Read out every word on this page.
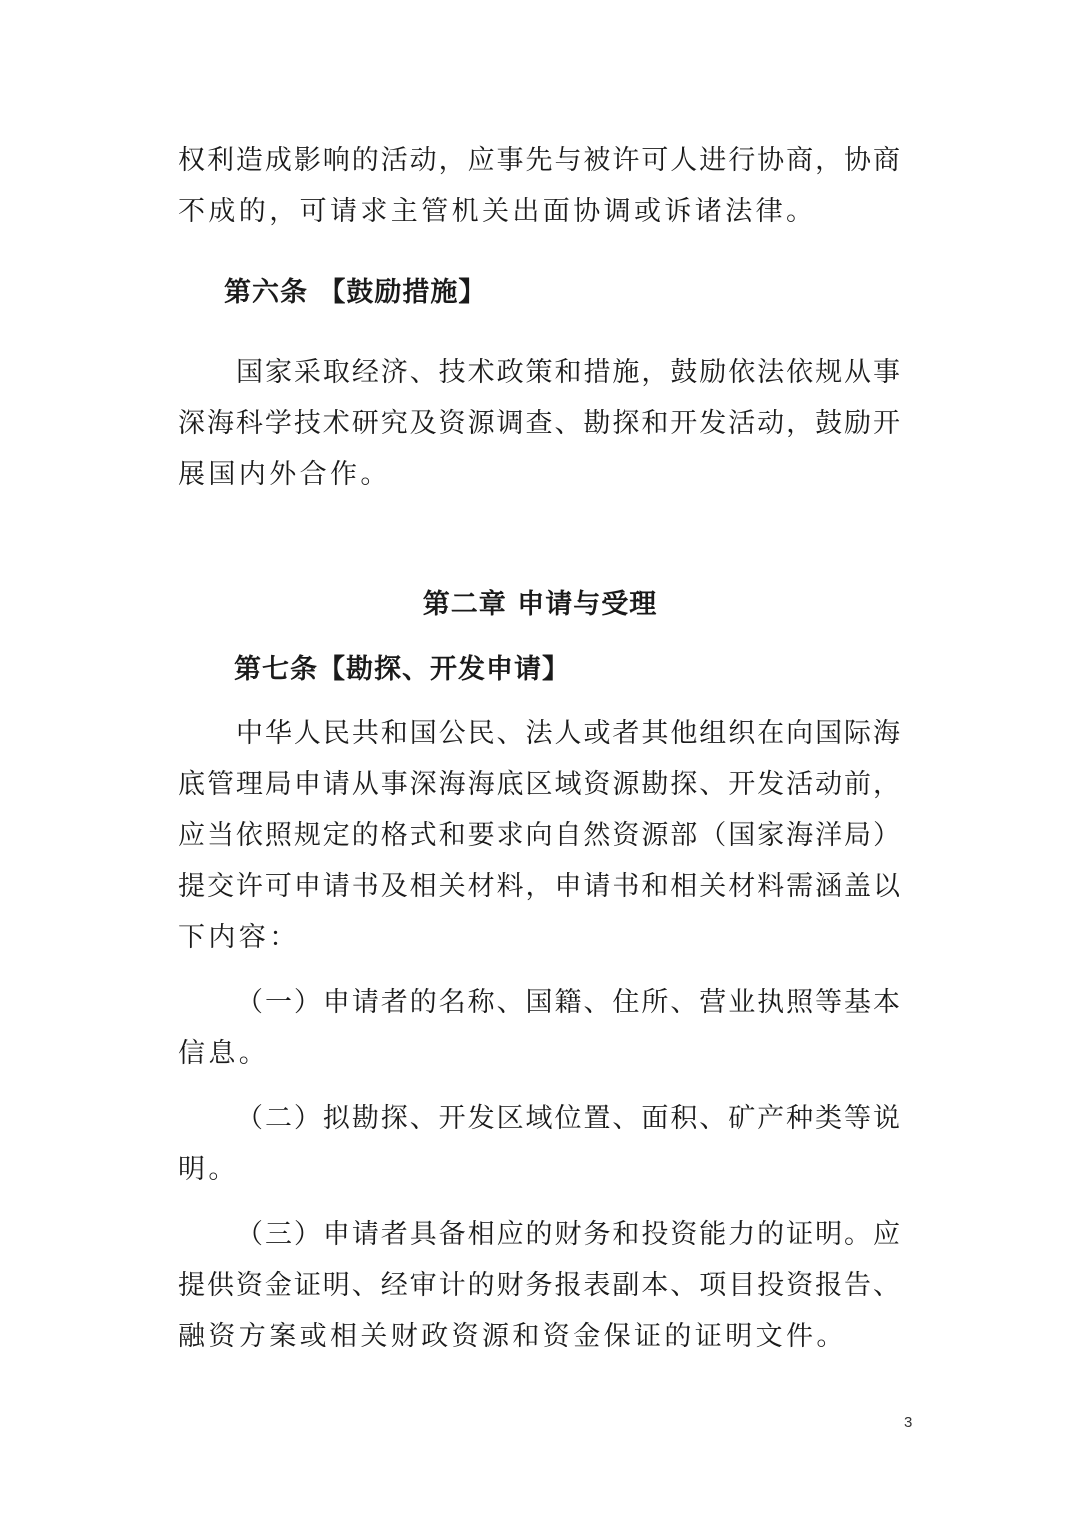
权利造成影响的活动，应事先与被许可人进行协商，协商

不成的，可请求主管机关出面协调或诉诸法律。

第六条 【鼓励措施】

国家采取经济、技术政策和措施，鼓励依法依规从事

深海科学技术研究及资源调查、勘探和开发活动，鼓励开

展国内外合作。

第二章 申请与受理

第七条【勘探、开发申请】

中华人民共和国公民、法人或者其他组织在向国际海

底管理局申请从事深海海底区域资源勘探、开发活动前，

应当依照规定的格式和要求向自然资源部（国家海洋局）

提交许可申请书及相关材料，申请书和相关材料需涵盖以

下内容：

（一）申请者的名称、国籍、住所、营业执照等基本

信息。

（二）拟勘探、开发区域位置、面积、矿产种类等说

明。

（三）申请者具备相应的财务和投资能力的证明。应

提供资金证明、经审计的财务报表副本、项目投资报告、

融资方案或相关财政资源和资金保证的证明文件。

3
